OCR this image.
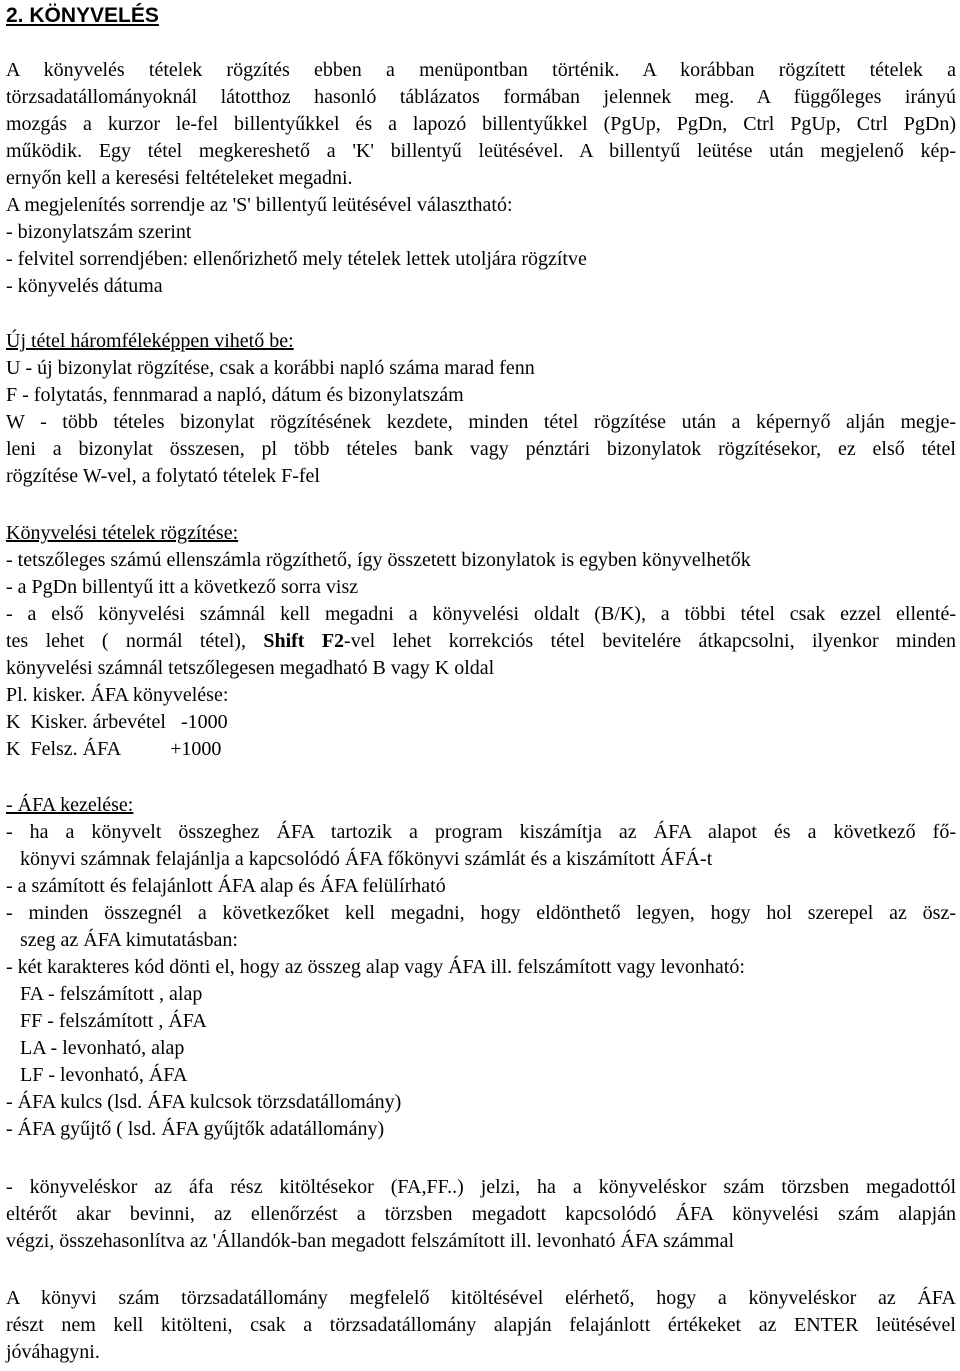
2. KÖNYVELÉS
A könyvelés tételek rögzítés ebben a menüpontban történik. A korábban rögzített tételek a
törzsadatállományoknál látotthoz hasonló táblázatos formában jelennek meg. A függőleges irányú
mozgás a kurzor le-fel billentyűkkel és a lapozó billentyűkkel (PgUp, PgDn, Ctrl PgUp, Ctrl PgDn)
működik. Egy tétel megkereshető a 'K' billentyű leütésével. A billentyű leütése után megjelenő kép-
ernyőn kell a keresési feltételeket megadni.
A megjelenítés sorrendje az 'S' billentyű leütésével választható:
- bizonylatszám szerint
- felvitel sorrendjében: ellenőrizhető mely tételek lettek utoljára rögzítve
- könyvelés dátuma
Új tétel háromféleképpen vihető be:
U - új bizonylat rögzítése, csak a korábbi napló száma marad fenn
F - folytatás, fennmarad a napló, dátum és bizonylatszám
W - több tételes bizonylat rögzítésének kezdete, minden tétel rögzítése után a képernyő alján megje-
leni a bizonylat összesen, pl több tételes bank vagy pénztári bizonylatok rögzítésekor, ez első tétel
rögzítése W-vel, a folytató tételek F-fel
Könyvelési tételek rögzítése:
- tetszőleges számú ellenszámla rögzíthető, így összetett bizonylatok is egyben könyvelhetők
- a PgDn billentyű itt a következő sorra visz
- a első könyvelési számnál kell megadni a könyvelési oldalt (B/K), a többi tétel csak ezzel ellenté-
tes lehet ( normál tétel), Shift F2-vel lehet korrekciós tétel bevitelére átkapcsolni, ilyenkor minden
könyvelési számnál tetszőlegesen megadható B vagy K oldal
Pl. kisker. ÁFA könyvelése:
K  Kisker. árbevétel   -1000
K  Felsz. ÁFA          +1000
- ÁFA kezelése:
- ha a könyvelt összeghez ÁFA tartozik a program kiszámítja az ÁFA alapot és a következő fő-
könyvi számnak felajánlja a kapcsolódó ÁFA főkönyvi számlát és a kiszámított ÁFÁ-t
- a számított és felajánlott ÁFA alap és ÁFA felülírható
- minden összegnél a következőket kell megadni, hogy eldönthető legyen, hogy hol szerepel az ösz-
szeg az ÁFA kimutatásban:
- két karakteres kód dönti el, hogy az összeg alap vagy ÁFA ill. felszámított vagy levonható:
FA - felszámított , alap
FF - felszámított , ÁFA
LA - levonható, alap
LF - levonható, ÁFA
- ÁFA kulcs (lsd. ÁFA kulcsok törzsdatállomány)
- ÁFA gyűjtő ( lsd. ÁFA gyűjtők adatállomány)
- könyveléskor az áfa rész kitöltésekor (FA,FF..) jelzi, ha a könyveléskor szám törzsben megadottól
eltérőt akar bevinni, az ellenőrzést a törzsben megadott kapcsolódó ÁFA könyvelési szám alapján
végzi, összehasonlítva az 'Állandók-ban megadott felszámított ill. levonható ÁFA számmal
A könyvi szám törzsadatállomány megfelelő kitöltésével elérhető, hogy a könyveléskor az ÁFA
részt nem kell kitölteni, csak a törzsadatállomány alapján felajánlott értékeket az ENTER leütésével
jóváhagyni.
